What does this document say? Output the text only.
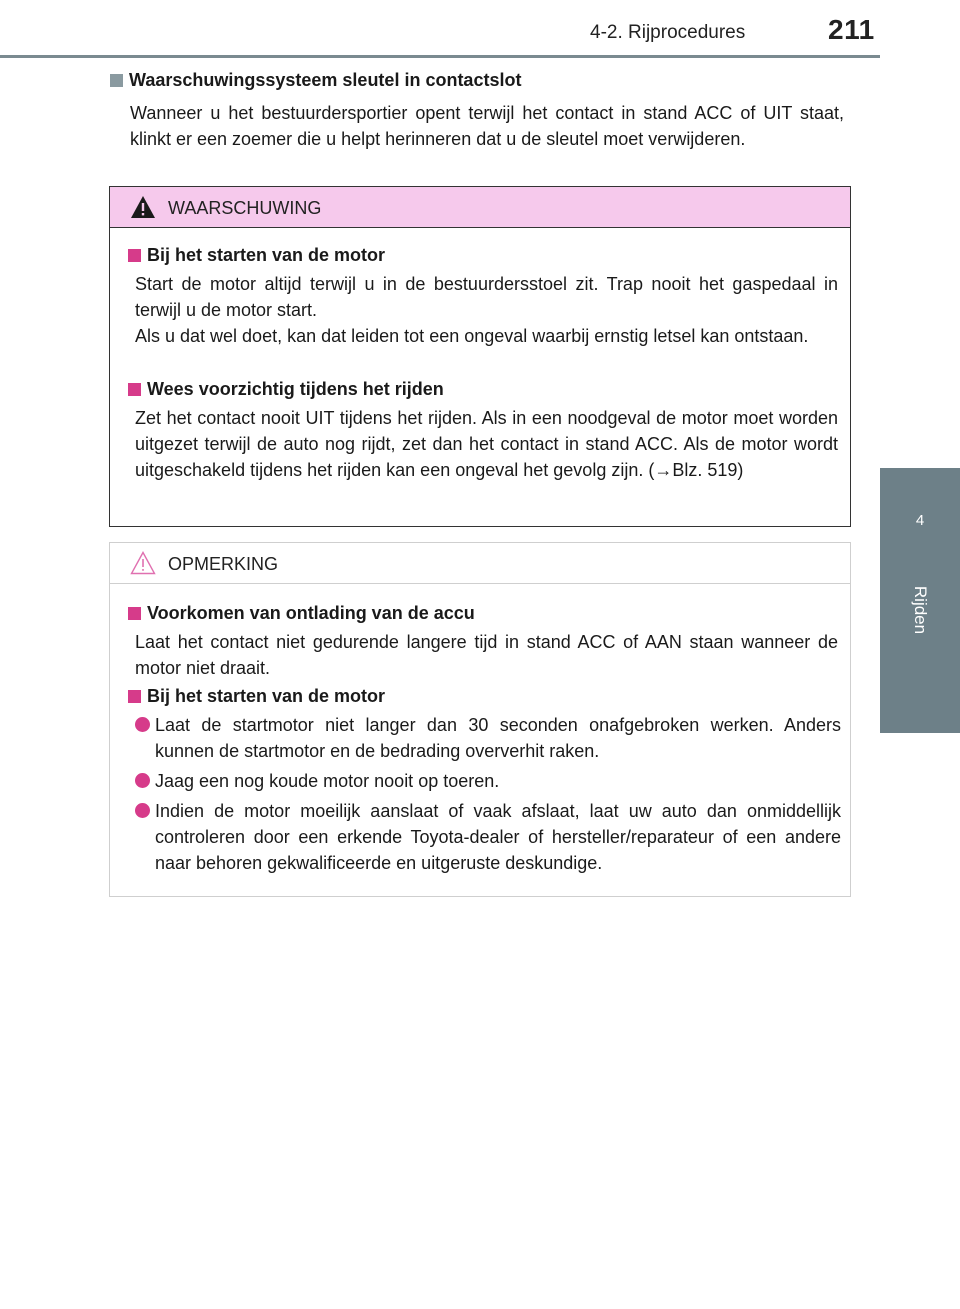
4-2. Rijprocedures	211
4
Rijden
Waarschuwingssysteem sleutel in contactslot
Wanneer u het bestuurdersportier opent terwijl het contact in stand ACC of UIT staat, klinkt er een zoemer die u helpt herinneren dat u de sleutel moet verwijderen.
WAARSCHUWING
Bij het starten van de motor
Start de motor altijd terwijl u in de bestuurdersstoel zit. Trap nooit het gaspedaal in terwijl u de motor start.
Als u dat wel doet, kan dat leiden tot een ongeval waarbij ernstig letsel kan ontstaan.
Wees voorzichtig tijdens het rijden
Zet het contact nooit UIT tijdens het rijden. Als in een noodgeval de motor moet worden uitgezet terwijl de auto nog rijdt, zet dan het contact in stand ACC. Als de motor wordt uitgeschakeld tijdens het rijden kan een ongeval het gevolg zijn. (→Blz. 519)
OPMERKING
Voorkomen van ontlading van de accu
Laat het contact niet gedurende langere tijd in stand ACC of AAN staan wanneer de motor niet draait.
Bij het starten van de motor
Laat de startmotor niet langer dan 30 seconden onafgebroken werken. Anders kunnen de startmotor en de bedrading oververhit raken.
Jaag een nog koude motor nooit op toeren.
Indien de motor moeilijk aanslaat of vaak afslaat, laat uw auto dan onmiddellijk controleren door een erkende Toyota-dealer of hersteller/reparateur of een andere naar behoren gekwalificeerde en uitgeruste deskundige.
